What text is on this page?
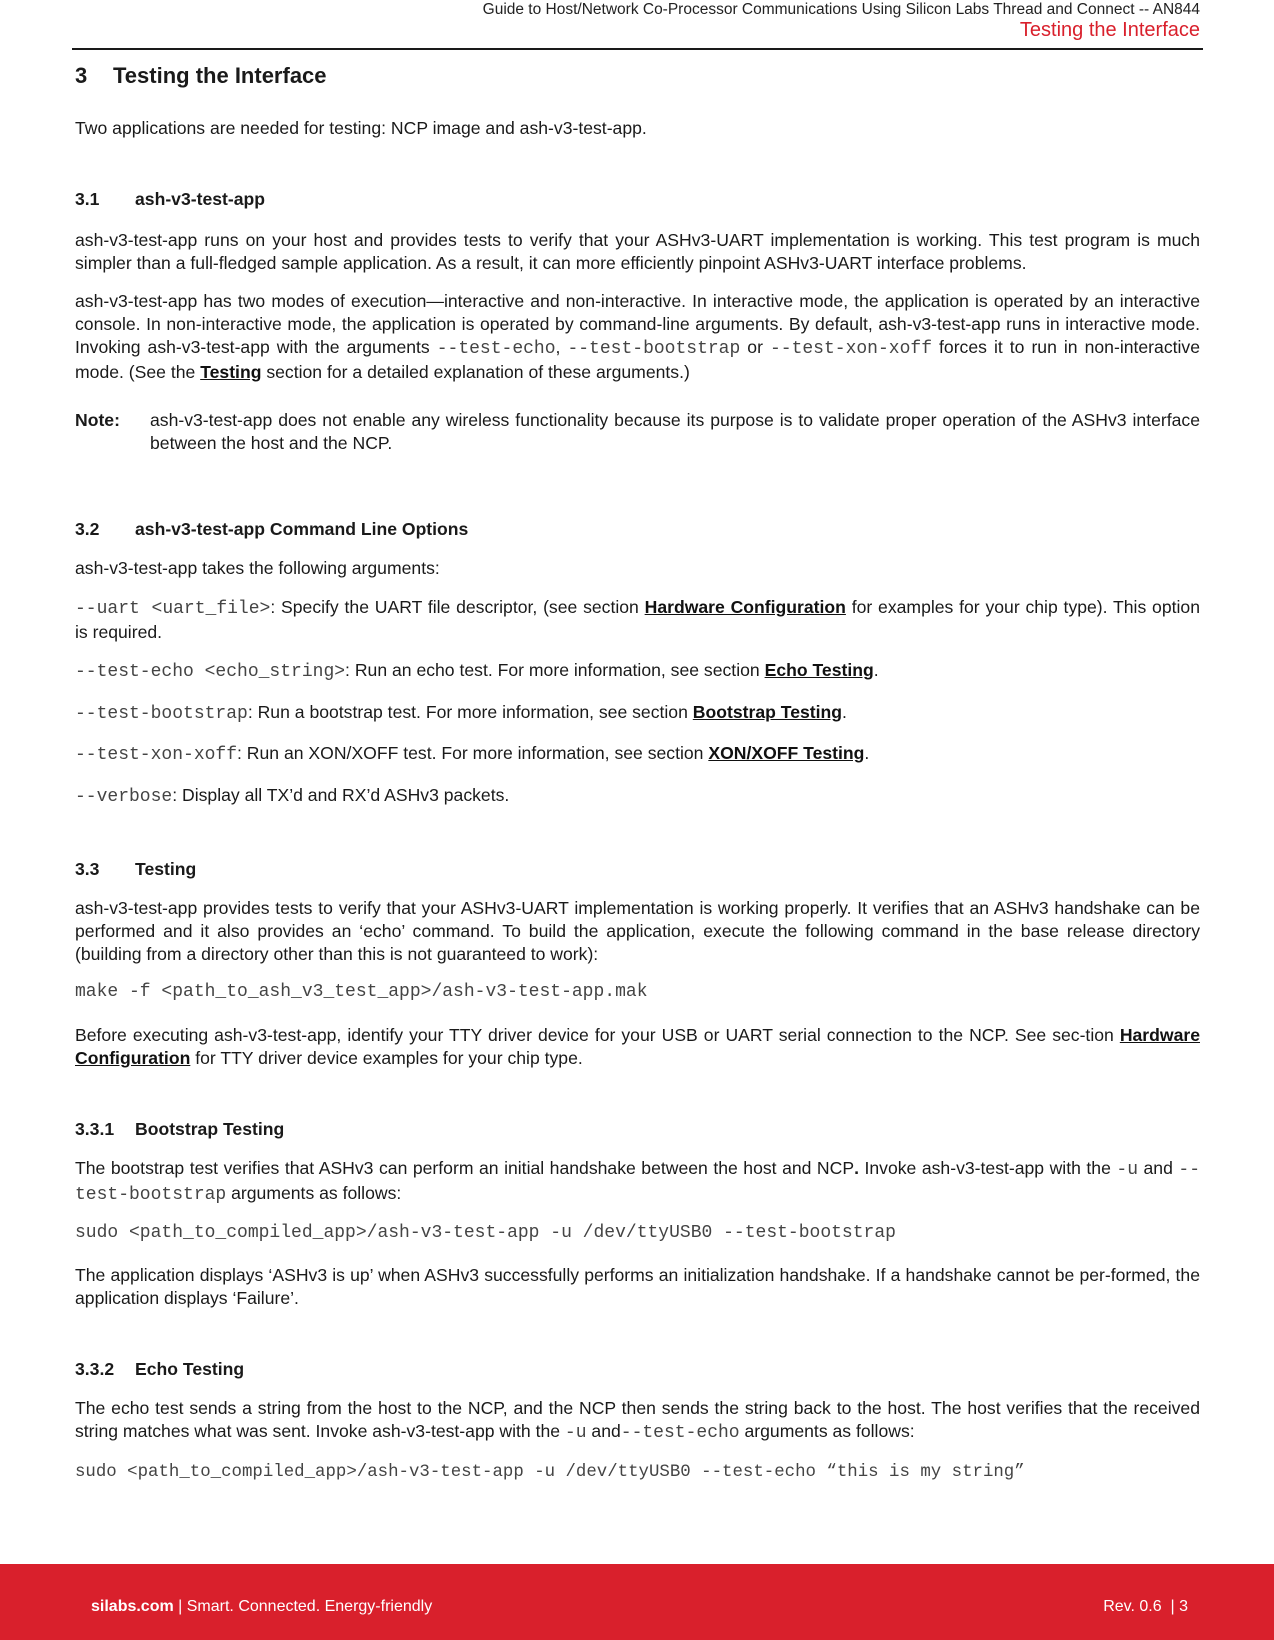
Guide to Host/Network Co-Processor Communications Using Silicon Labs Thread and Connect -- AN844
Testing the Interface
3 Testing the Interface

Two applications are needed for testing: NCP image and ash-v3-test-app.

3.1 ash-v3-test-app

ash-v3-test-app runs on your host and provides tests to verify that your ASHv3-UART implementation is working. This test program is much simpler than a full-fledged sample application. As a result, it can more efficiently pinpoint ASHv3-UART interface problems.

ash-v3-test-app has two modes of execution—interactive and non-interactive. In interactive mode, the application is operated by an interactive console. In non-interactive mode, the application is operated by command-line arguments. By default, ash-v3-test-app runs in interactive mode. Invoking ash-v3-test-app with the arguments --test-echo, --test-bootstrap or --test-xon-xoff forces it to run in non-interactive mode. (See the Testing section for a detailed explanation of these arguments.)

Note:	ash-v3-test-app does not enable any wireless functionality because its purpose is to validate proper operation of the ASHv3 interface between the host and the NCP.

3.2 ash-v3-test-app Command Line Options

ash-v3-test-app takes the following arguments:

--uart <uart_file>: Specify the UART file descriptor, (see section Hardware Configuration for examples for your chip type). This option is required.

--test-echo <echo_string>: Run an echo test. For more information, see section Echo Testing.

--test-bootstrap: Run a bootstrap test. For more information, see section Bootstrap Testing.

--test-xon-xoff: Run an XON/XOFF test. For more information, see section XON/XOFF Testing.

--verbose: Display all TX’d and RX’d ASHv3 packets.

3.3 Testing

ash-v3-test-app provides tests to verify that your ASHv3-UART implementation is working properly. It verifies that an ASHv3 handshake can be performed and it also provides an ‘echo’ command. To build the application, execute the following command in the base release directory (building from a directory other than this is not guaranteed to work):

make -f <path_to_ash_v3_test_app>/ash-v3-test-app.mak

Before executing ash-v3-test-app, identify your TTY driver device for your USB or UART serial connection to the NCP. See sec-tion Hardware Configuration for TTY driver device examples for your chip type.

3.3.1 Bootstrap Testing

The bootstrap test verifies that ASHv3 can perform an initial handshake between the host and NCP. Invoke ash-v3-test-app with the -u and --test-bootstrap arguments as follows:

sudo <path_to_compiled_app>/ash-v3-test-app -u /dev/ttyUSB0 --test-bootstrap

The application displays ‘ASHv3 is up’ when ASHv3 successfully performs an initialization handshake. If a handshake cannot be per-formed, the application displays ‘Failure’.

3.3.2 Echo Testing

The echo test sends a string from the host to the NCP, and the NCP then sends the string back to the host. The host verifies that the received string matches what was sent. Invoke ash-v3-test-app with the -u and--test-echo arguments as follows:

sudo <path_to_compiled_app>/ash-v3-test-app -u /dev/ttyUSB0 --test-echo “this is my string”
silabs.com | Smart. Connected. Energy-friendly	Rev. 0.6  | 3
